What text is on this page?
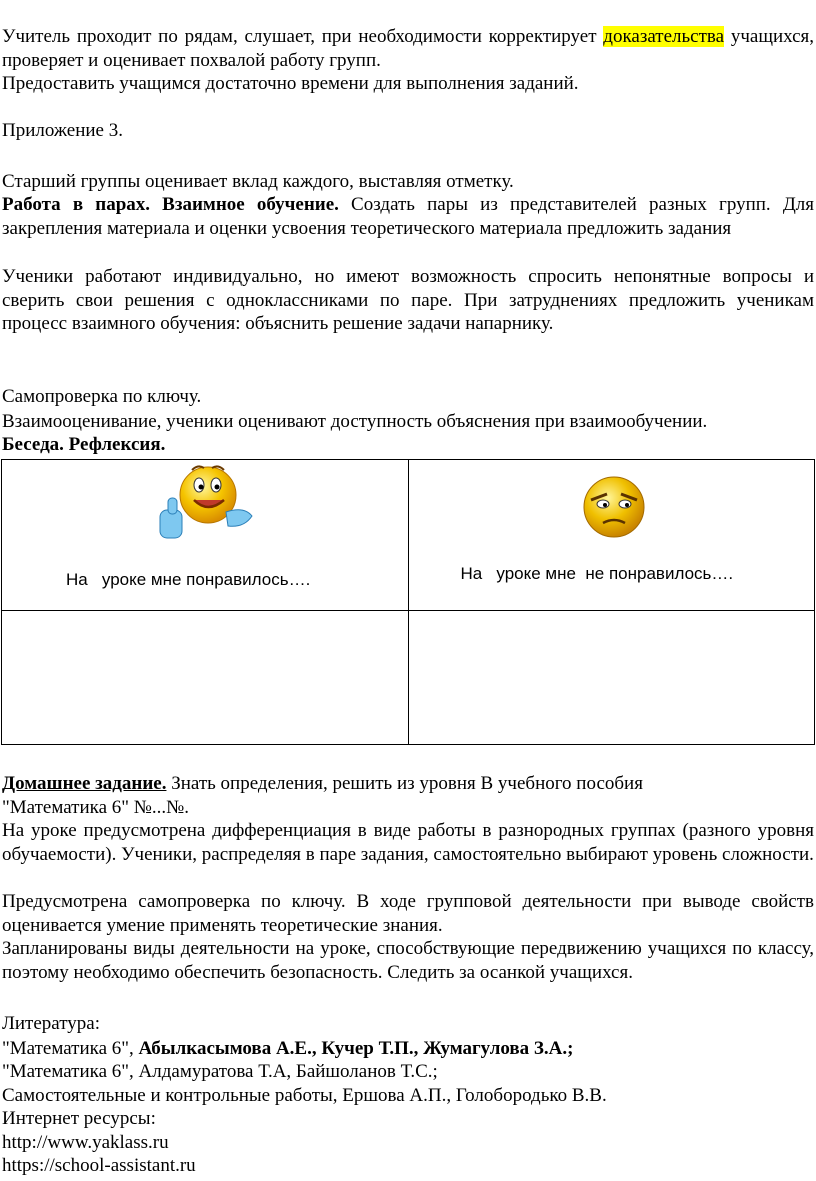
Учитель проходит по рядам, слушает, при необходимости корректирует доказательства учащихся, проверяет и оценивает похвалой работу групп.

Предоставить учащимся достаточно времени для выполнения заданий.

Приложение 3.

Старший группы оценивает вклад каждого, выставляя отметку.

Работа в парах. Взаимное обучение. Создать пары из представителей разных групп. Для закрепления материала и оценки усвоения теоретического материала предложить задания

Ученики работают индивидуально, но имеют возможность спросить непонятные вопросы и сверить свои решения с одноклассниками по паре. При затруднениях предложить ученикам процесс взаимного обучения: объяснить решение задачи напарнику.

Самопроверка по ключу.

Взаимооценивание, ученики оценивают доступность объяснения при взаимообучении.

Беседа. Рефлексия.

На   уроке мне понравилось….	На   уроке мне  не понравилось….

Домашнее задание. Знать определения, решить из уровня В учебного пособия

"Математика 6" №...№.

На уроке предусмотрена дифференциация в виде работы в разнородных группах (разного уровня обучаемости). Ученики, распределяя в паре задания, самостоятельно выбирают уровень сложности.

Предусмотрена самопроверка по ключу. В ходе групповой деятельности при выводе свойств оценивается умение применять теоретические знания.

Запланированы виды деятельности на уроке, способствующие передвижению учащихся по классу, поэтому необходимо обеспечить безопасность. Следить за осанкой учащихся.

Литература:

"Математика 6", Абылкасымова А.Е., Кучер Т.П., Жумагулова З.А.;

"Математика 6", Алдамуратова Т.А, Байшоланов Т.С.;

Самостоятельные и контрольные работы, Ершова А.П., Голобородько В.В.

Интернет ресурсы:

http://www.yaklass.ru

https://school-assistant.ru
